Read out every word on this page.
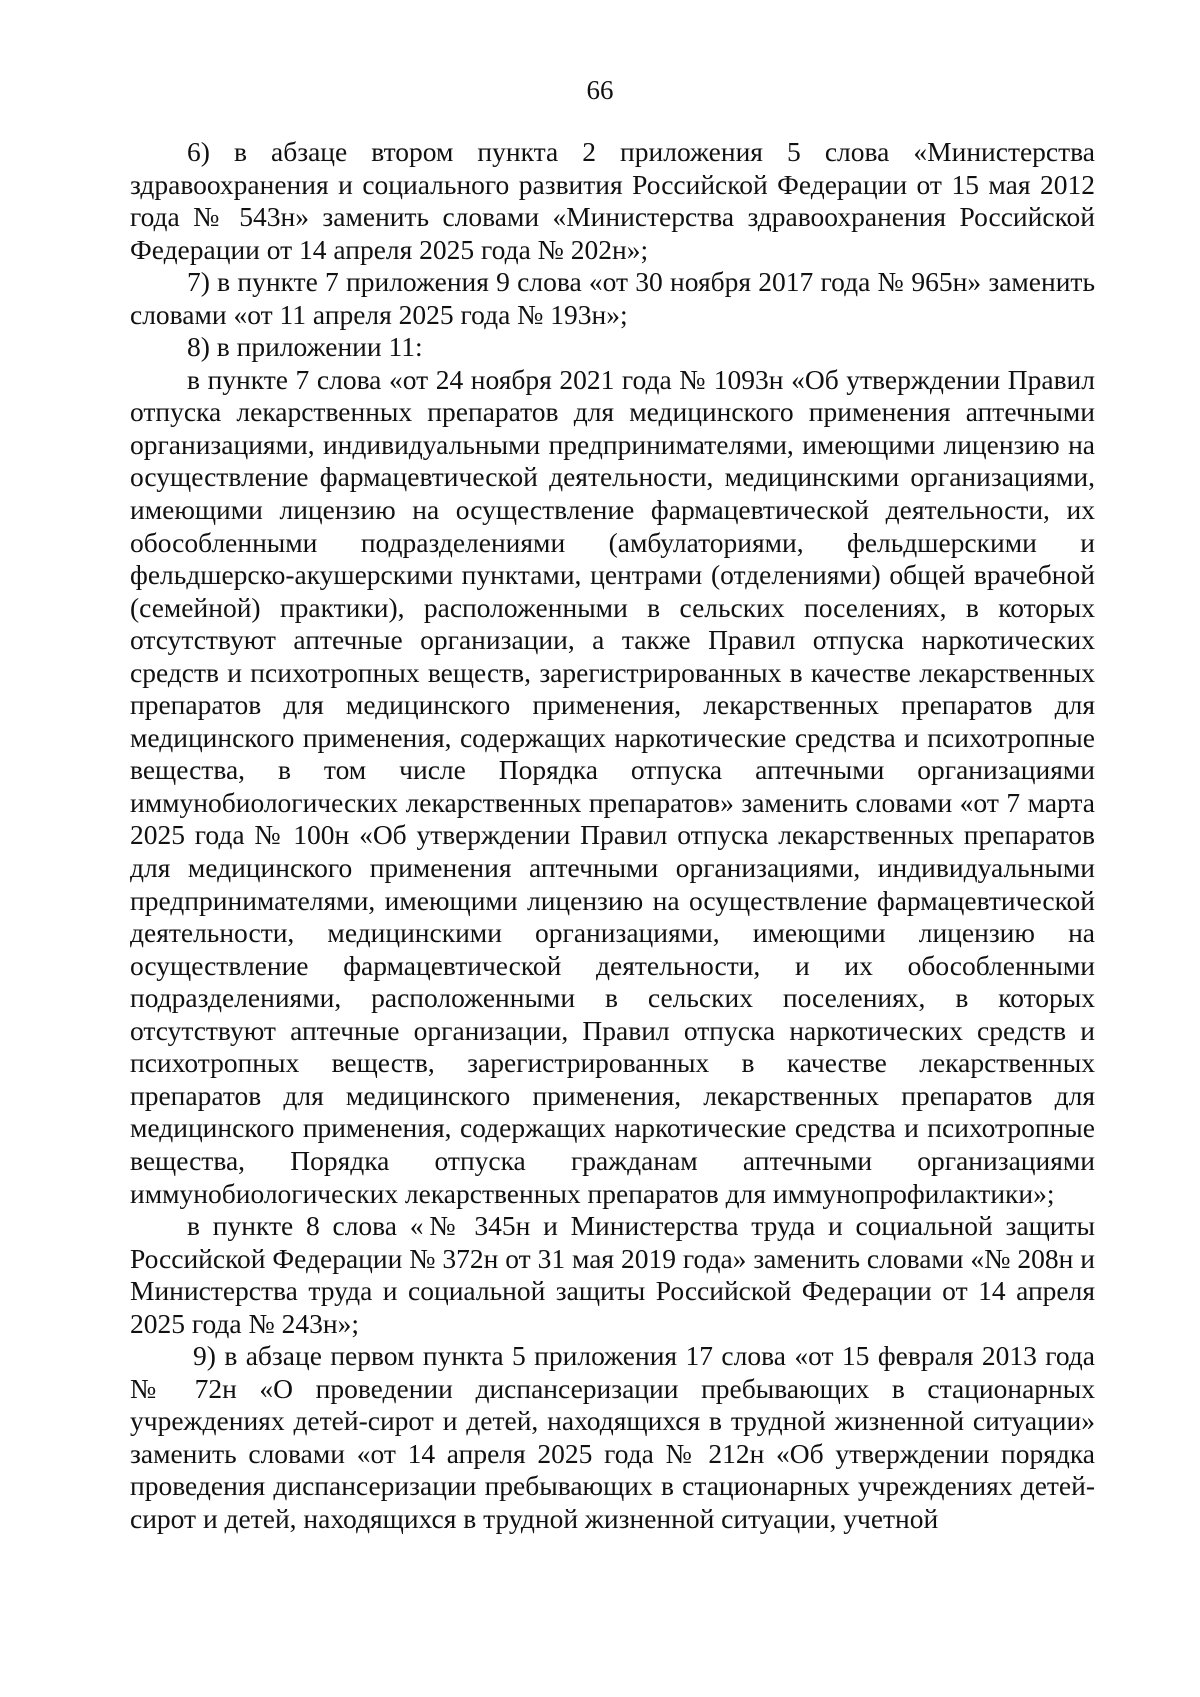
66

6) в абзаце втором пункта 2 приложения 5 слова «Министерства здравоохранения и социального развития Российской Федерации от 15 мая 2012 года № 543н» заменить словами «Министерства здравоохранения Российской Федерации от 14 апреля 2025 года № 202н»;

7) в пункте 7 приложения 9 слова «от 30 ноября 2017 года № 965н» заменить словами «от 11 апреля 2025 года № 193н»;

8) в приложении 11:

в пункте 7 слова «от 24 ноября 2021 года № 1093н «Об утверждении Правил отпуска лекарственных препаратов для медицинского применения аптечными организациями, индивидуальными предпринимателями, имеющими лицензию на осуществление фармацевтической деятельности, медицинскими организациями, имеющими лицензию на осуществление фармацевтической деятельности, их обособленными подразделениями (амбулаториями, фельдшерскими и фельдшерско-акушерскими пунктами, центрами (отделениями) общей врачебной (семейной) практики), расположенными в сельских поселениях, в которых отсутствуют аптечные организации, а также Правил отпуска наркотических средств и психотропных веществ, зарегистрированных в качестве лекарственных препаратов для медицинского применения, лекарственных препаратов для медицинского применения, содержащих наркотические средства и психотропные вещества, в том числе Порядка отпуска аптечными организациями иммунобиологических лекарственных препаратов» заменить словами «от 7 марта 2025 года № 100н «Об утверждении Правил отпуска лекарственных препаратов для медицинского применения аптечными организациями, индивидуальными предпринимателями, имеющими лицензию на осуществление фармацевтической деятельности, медицинскими организациями, имеющими лицензию на осуществление фармацевтической деятельности, и их обособленными подразделениями, расположенными в сельских поселениях, в которых отсутствуют аптечные организации, Правил отпуска наркотических средств и психотропных веществ, зарегистрированных в качестве лекарственных препаратов для медицинского применения, лекарственных препаратов для медицинского применения, содержащих наркотические средства и психотропные вещества, Порядка отпуска гражданам аптечными организациями иммунобиологических лекарственных препаратов для иммунопрофилактики»;

в пункте 8 слова «№ 345н и Министерства труда и социальной защиты Российской Федерации № 372н от 31 мая 2019 года» заменить словами «№ 208н и Министерства труда и социальной защиты Российской Федерации от 14 апреля 2025 года № 243н»;

9) в абзаце первом пункта 5 приложения 17 слова «от 15 февраля 2013 года № 72н «О проведении диспансеризации пребывающих в стационарных учреждениях детей-сирот и детей, находящихся в трудной жизненной ситуации» заменить словами «от 14 апреля 2025 года № 212н «Об утверждении порядка проведения диспансеризации пребывающих в стационарных учреждениях детей-сирот и детей, находящихся в трудной жизненной ситуации, учетной
